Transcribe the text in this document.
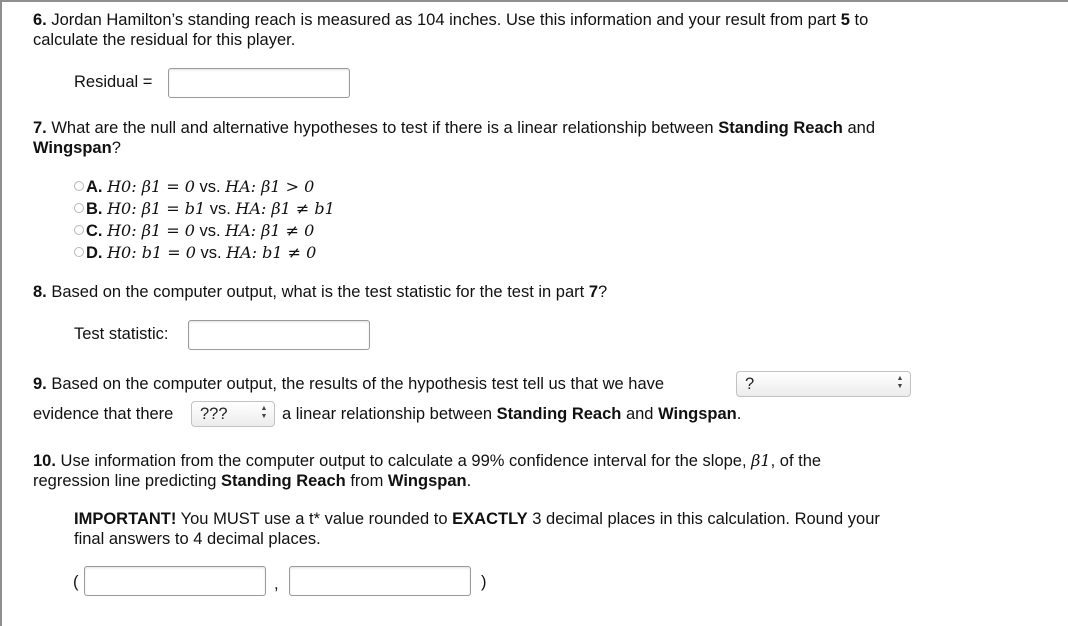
6. Jordan Hamilton’s standing reach is measured as 104 inches. Use this information and your result from part 5 to
calculate the residual for this player.
Residual =
7. What are the null and alternative hypotheses to test if there is a linear relationship between Standing Reach and
Wingspan?
A. H0: β1 = 0 vs. HA: β1 > 0
B. H0: β1 = b1 vs. HA: β1 ≠ b1
C. H0: β1 = 0 vs. HA: β1 ≠ 0
D. H0: b1 = 0 vs. HA: b1 ≠ 0
8. Based on the computer output, what is the test statistic for the test in part 7?
Test statistic:
9. Based on the computer output, the results of the hypothesis test tell us that we have	?	▲
▼
evidence that there	???	▲
▼ a linear relationship between Standing Reach and Wingspan.
10. Use information from the computer output to calculate a 99% confidence interval for the slope, β1, of the
regression line predicting Standing Reach from Wingspan.
IMPORTANT! You MUST use a t* value rounded to EXACTLY 3 decimal places in this calculation. Round your
final answers to 4 decimal places.
(	,	)
